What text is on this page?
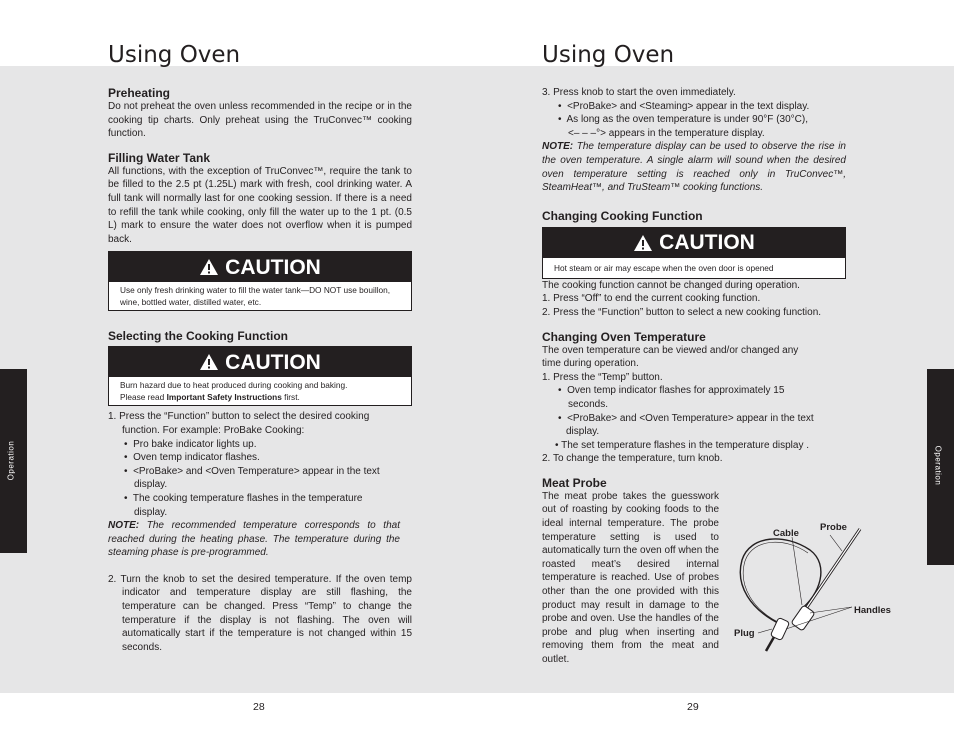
Using Oven
Operation

Preheating

Do not preheat the oven unless recommended in the recipe or in the cooking tip charts. Only preheat using the TruConvec™ cooking function.

Filling Water Tank

All functions, with the exception of TruConvec™, require the tank to be filled to the 2.5 pt (1.25L) mark with fresh, cool drinking water. A full tank will normally last for one cooking session. If there is a need to refill the tank while cooking, only fill the water up to the 1 pt. (0.5 L) mark to ensure the water does not overflow when it is pumped back.

CAUTION
Use only fresh drinking water to fill the water tank—DO NOT use bouillon, wine, bottled water, distilled water, etc.

Selecting the Cooking Function

CAUTION
Burn hazard due to heat produced during cooking and baking.
Please read Important Safety Instructions first.

1. Press the “Function” button to select the desired cooking

function. For example: ProBake Cooking:

•  Pro bake indicator lights up.

•  Oven temp indicator flashes.

•  <ProBake> and <Oven Temperature> appear in the text

display.

•  The cooking temperature flashes in the temperature

display.

NOTE: The recommended temperature corresponds to that reached during the heating phase. The temperature during the steaming phase is pre-programmed.

2. Turn the knob to set the desired temperature. If the oven temp indicator and temperature display are still flashing, the temperature can be changed. Press “Temp” to change the temperature if the display is not flashing. The oven will automatically start if the temperature is not changed within 15 seconds.

28
Using Oven
Operation

3. Press knob to start the oven immediately.

•  <ProBake> and <Steaming> appear in the text display.

•  As long as the oven temperature is under 90°F (30°C),

<– – –°> appears in the temperature display.

NOTE: The temperature display can be used to observe the rise in the oven temperature. A single alarm will sound when the desired oven temperature setting is reached only in TruConvec™, SteamHeat™, and TruSteam™ cooking functions.

Changing Cooking Function

CAUTION
Hot steam or air may escape when the oven door is opened

The cooking function cannot be changed during operation.

1. Press “Off” to end the current cooking function.

2. Press the “Function” button to select a new cooking function.

Changing Oven Temperature

The oven temperature can be viewed and/or changed any

time during operation.

1. Press the “Temp” button.

•  Oven temp indicator flashes for approximately 15

seconds.

•  <ProBake> and <Oven Temperature> appear in the text

display.

• The set temperature flashes in the temperature display .

2. To change the temperature, turn knob.

Meat Probe

The meat probe takes the guesswork out of roasting by cooking foods to the ideal internal temperature. The probe temperature setting is used to automatically turn the oven off when the roasted meat’s desired internal temperature is reached. Use of probes other than the one provided with this product may result in damage to the probe and oven. Use the handles of the probe and plug when inserting and removing them from the meat and outlet.

Cable
Probe
Handles
Plug
29
